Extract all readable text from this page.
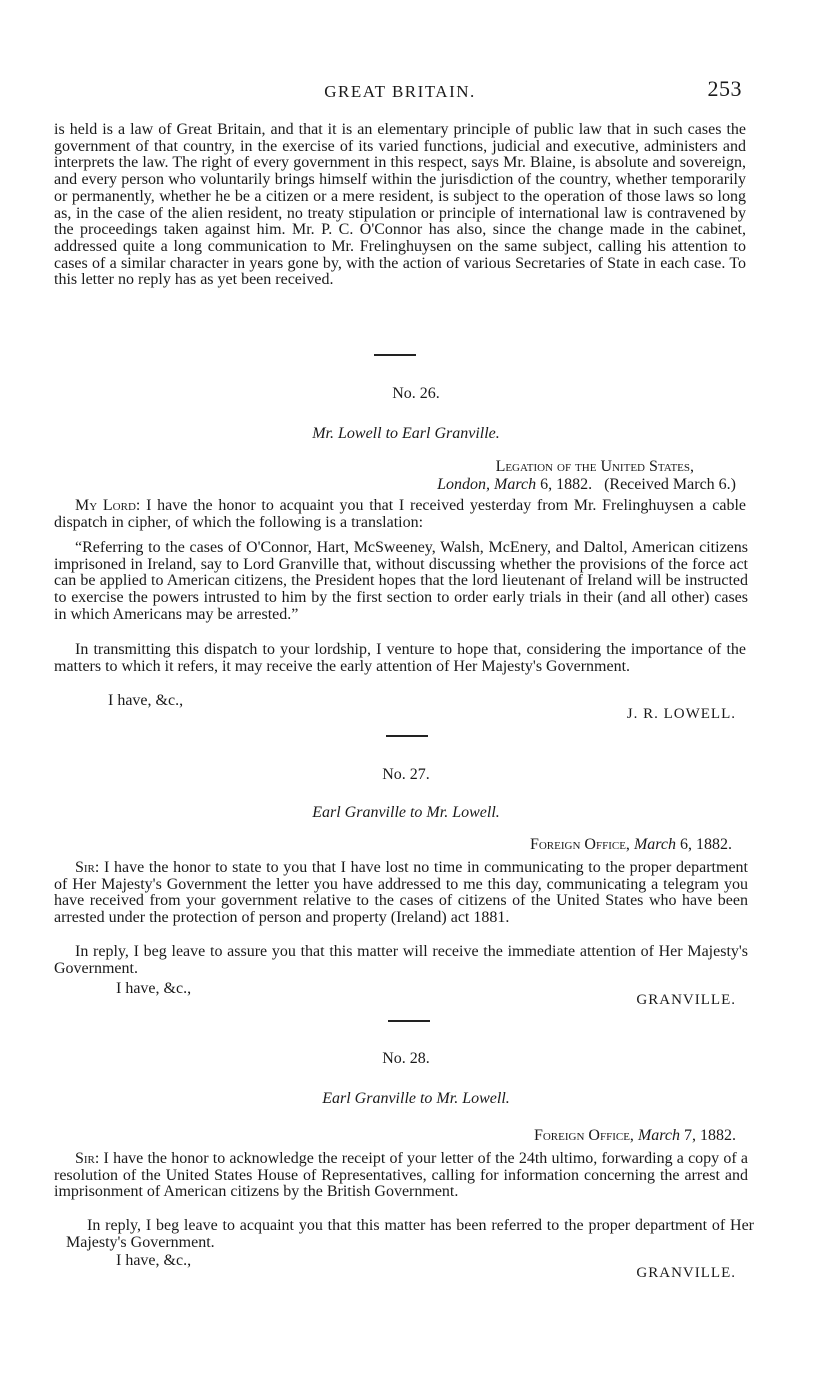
GREAT BRITAIN.	253

is held is a law of Great Britain, and that it is an elementary principle of public law that in such cases the government of that country, in the exercise of its varied functions, judicial and executive, administers and interprets the law. The right of every government in this respect, says Mr. Blaine, is absolute and sovereign, and every person who voluntarily brings himself within the jurisdiction of the country, whether temporarily or permanently, whether he be a citizen or a mere resident, is subject to the operation of those laws so long as, in the case of the alien resident, no treaty stipulation or principle of international law is contravened by the proceedings taken against him. Mr. P. C. O'Connor has also, since the change made in the cabinet, addressed quite a long communication to Mr. Frelinghuysen on the same subject, calling his attention to cases of a similar character in years gone by, with the action of various Secretaries of State in each case. To this letter no reply has as yet been received.

No. 26.
Mr. Lowell to Earl Granville.
Legation of the United States,
London, March 6, 1882. (Received March 6.)

My Lord: I have the honor to acquaint you that I received yesterday from Mr. Frelinghuysen a cable dispatch in cipher, of which the following is a translation:

“Referring to the cases of O'Connor, Hart, McSweeney, Walsh, McEnery, and Daltol, American citizens imprisoned in Ireland, say to Lord Granville that, without discussing whether the provisions of the force act can be applied to American citizens, the President hopes that the lord lieutenant of Ireland will be instructed to exercise the powers intrusted to him by the first section to order early trials in their (and all other) cases in which Americans may be arrested.”

In transmitting this dispatch to your lordship, I venture to hope that, considering the importance of the matters to which it refers, it may receive the early attention of Her Majesty's Government.

I have, &c.,
J. R. LOWELL.
No. 27.
Earl Granville to Mr. Lowell.
Foreign Office, March 6, 1882.

Sir: I have the honor to state to you that I have lost no time in communicating to the proper department of Her Majesty's Government the letter you have addressed to me this day, communicating a telegram you have received from your government relative to the cases of citizens of the United States who have been arrested under the protection of person and property (Ireland) act 1881.

In reply, I beg leave to assure you that this matter will receive the immediate attention of Her Majesty's Government.

I have, &c.,
GRANVILLE.
No. 28.
Earl Granville to Mr. Lowell.
Foreign Office, March 7, 1882.

Sir: I have the honor to acknowledge the receipt of your letter of the 24th ultimo, forwarding a copy of a resolution of the United States House of Representatives, calling for information concerning the arrest and imprisonment of American citizens by the British Government.

In reply, I beg leave to acquaint you that this matter has been referred to the proper department of Her Majesty's Government.

I have, &c.,
GRANVILLE.
